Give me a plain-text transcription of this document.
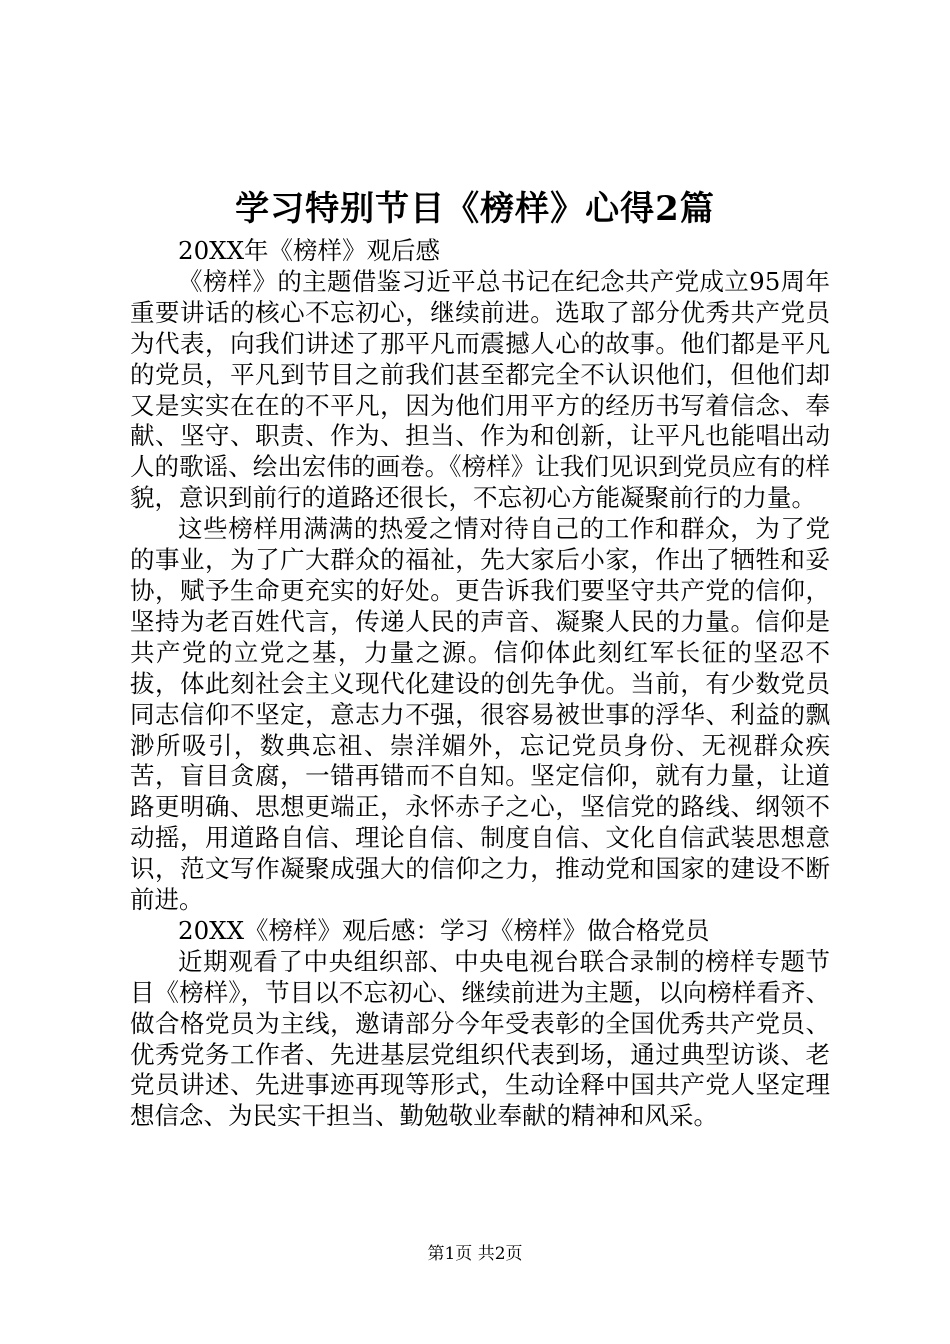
学习特别节目《榜样》心得2篇

20XX年《榜样》观后感

《榜样》的主题借鉴习近平总书记在纪念共产党成立95周年重要讲话的核心不忘初心，继续前进。选取了部分优秀共产党员为代表，向我们讲述了那平凡而震撼人心的故事。他们都是平凡的党员，平凡到节目之前我们甚至都完全不认识他们，但他们却又是实实在在的不平凡，因为他们用平方的经历书写着信念、奉献、坚守、职责、作为、担当、作为和创新，让平凡也能唱出动人的歌谣、绘出宏伟的画卷。《榜样》让我们见识到党员应有的样貌，意识到前行的道路还很长，不忘初心方能凝聚前行的力量。

这些榜样用满满的热爱之情对待自己的工作和群众，为了党的事业，为了广大群众的福祉，先大家后小家，作出了牺牲和妥协，赋予生命更充实的好处。更告诉我们要坚守共产党的信仰，坚持为老百姓代言，传递人民的声音、凝聚人民的力量。信仰是共产党的立党之基，力量之源。信仰体此刻红军长征的坚忍不拔，体此刻社会主义现代化建设的创先争优。当前，有少数党员同志信仰不坚定，意志力不强，很容易被世事的浮华、利益的飘渺所吸引，数典忘祖、崇洋媚外，忘记党员身份、无视群众疾苦，盲目贪腐，一错再错而不自知。坚定信仰，就有力量，让道路更明确、思想更端正，永怀赤子之心，坚信党的路线、纲领不动摇，用道路自信、理论自信、制度自信、文化自信武装思想意识，范文写作凝聚成强大的信仰之力，推动党和国家的建设不断前进。

20XX《榜样》观后感：学习《榜样》做合格党员

近期观看了中央组织部、中央电视台联合录制的榜样专题节目《榜样》，节目以不忘初心、继续前进为主题，以向榜样看齐、做合格党员为主线，邀请部分今年受表彰的全国优秀共产党员、优秀党务工作者、先进基层党组织代表到场，通过典型访谈、老党员讲述、先进事迹再现等形式，生动诠释中国共产党人坚定理想信念、为民实干担当、勤勉敬业奉献的精神和风采。

第1页 共2页
